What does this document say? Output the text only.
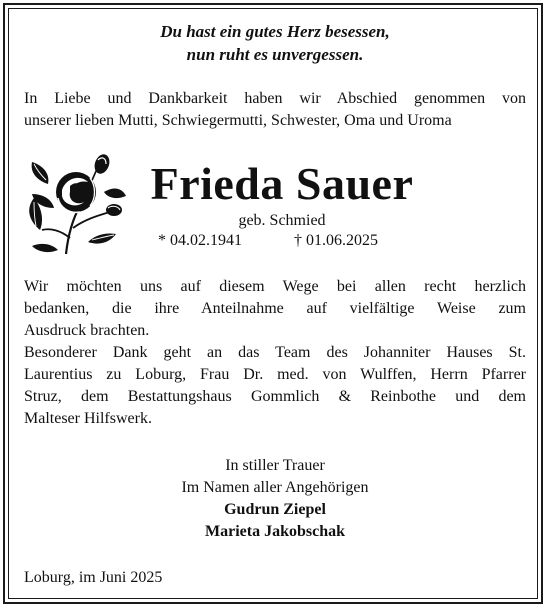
Du hast ein gutes Herz besessen,
nun ruht es unvergessen.
In Liebe und Dankbarkeit haben wir Abschied genommen von
unserer lieben Mutti, Schwiegermutti, Schwester, Oma und Uroma
Frieda Sauer
geb. Schmied
* 04.02.1941	† 01.06.2025
Wir möchten uns auf diesem Wege bei allen recht herzlich
bedanken, die ihre Anteilnahme auf vielfältige Weise zum
Ausdruck brachten.
Besonderer Dank geht an das Team des Johanniter Hauses St.
Laurentius zu Loburg, Frau Dr. med. von Wulffen, Herrn Pfarrer
Struz, dem Bestattungshaus Gommlich & Reinbothe und dem
Malteser Hilfswerk.
In stiller Trauer
Im Namen aller Angehörigen
Gudrun Ziepel
Marieta Jakobschak
Loburg, im Juni 2025
